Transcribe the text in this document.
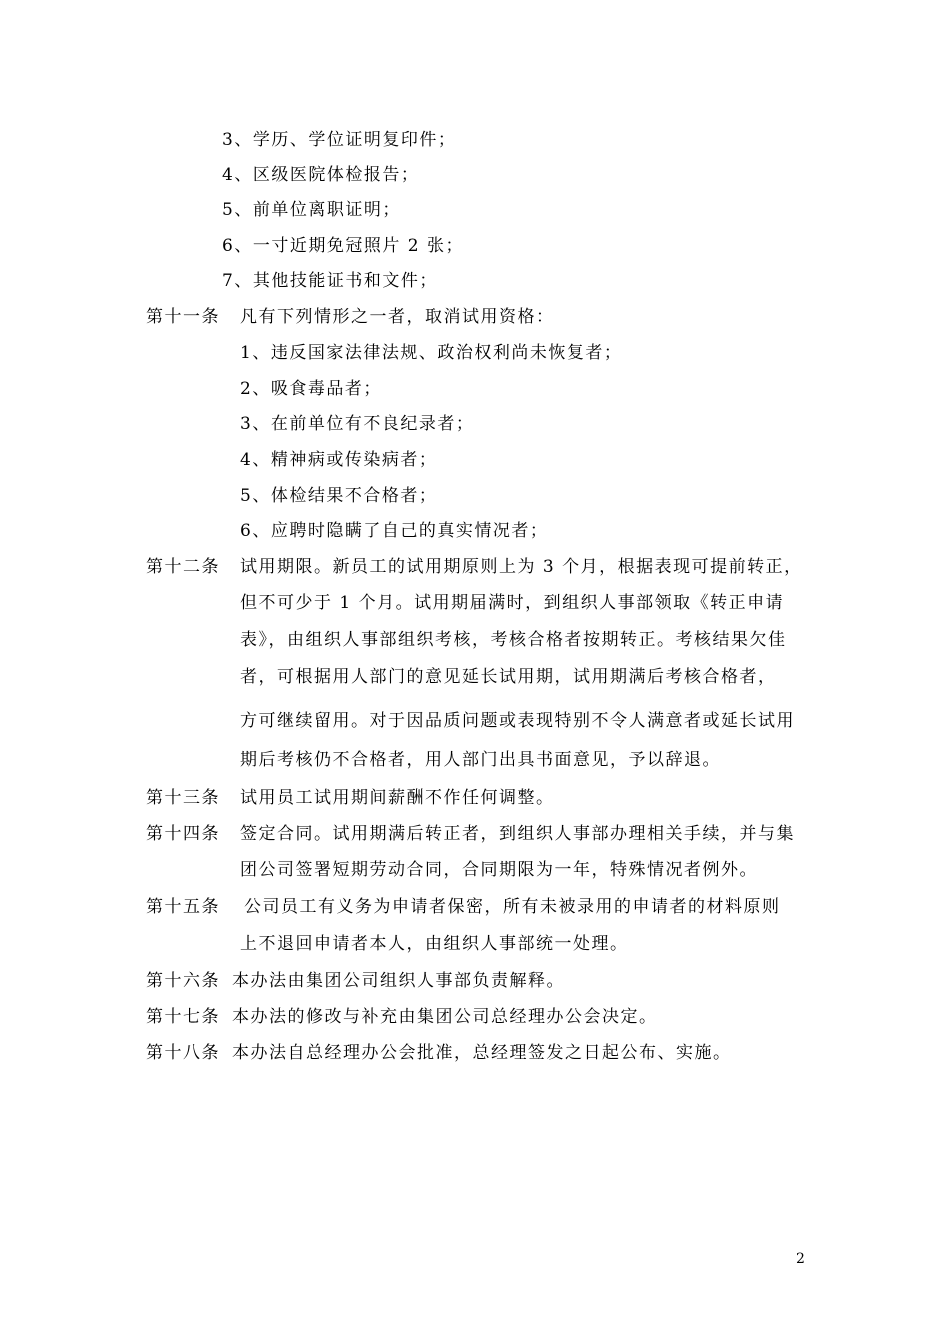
3、学历、学位证明复印件；
4、区级医院体检报告；
5、前单位离职证明；
6、一寸近期免冠照片 2 张；
7、其他技能证书和文件；
第十一条 凡有下列情形之一者，取消试用资格：
1、违反国家法律法规、政治权利尚未恢复者；
2、吸食毒品者；
3、在前单位有不良纪录者；
4、精神病或传染病者；
5、体检结果不合格者；
6、应聘时隐瞒了自己的真实情况者；
第十二条 试用期限。新员工的试用期原则上为 3 个月，根据表现可提前转正，
但不可少于 1 个月。试用期届满时，到组织人事部领取《转正申请
表》，由组织人事部组织考核，考核合格者按期转正。考核结果欠佳
者，可根据用人部门的意见延长试用期，试用期满后考核合格者，
方可继续留用。对于因品质问题或表现特别不令人满意者或延长试用
期后考核仍不合格者，用人部门出具书面意见，予以辞退。
第十三条 试用员工试用期间薪酬不作任何调整。
第十四条 签定合同。试用期满后转正者，到组织人事部办理相关手续，并与集
团公司签署短期劳动合同，合同期限为一年，特殊情况者例外。
第十五条 公司员工有义务为申请者保密，所有未被录用的申请者的材料原则
上不退回申请者本人，由组织人事部统一处理。
第十六条 本办法由集团公司组织人事部负责解释。
第十七条 本办法的修改与补充由集团公司总经理办公会决定。
第十八条 本办法自总经理办公会批准，总经理签发之日起公布、实施。
2
